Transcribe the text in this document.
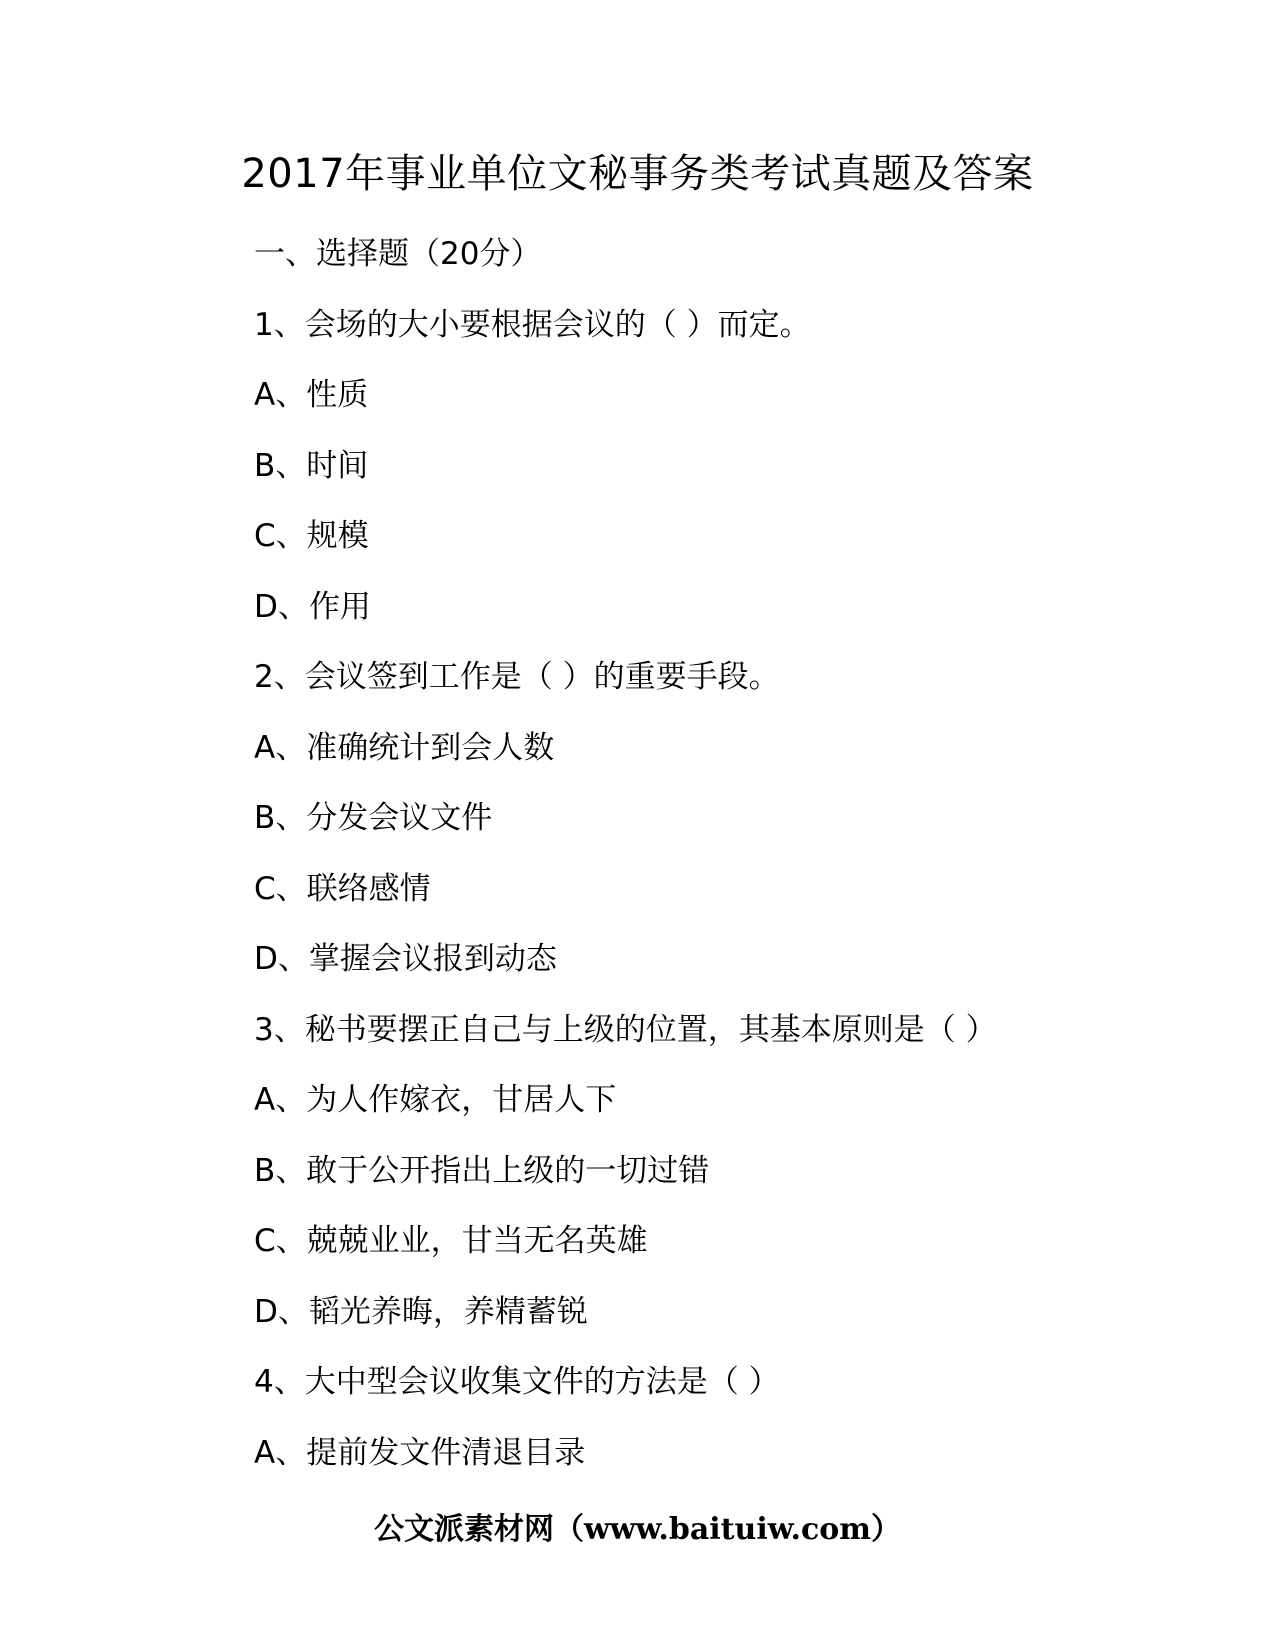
2017年事业单位文秘事务类考试真题及答案
一、选择题（20分）
1、会场的大小要根据会议的（ ）而定。
A、性质
B、时间
C、规模
D、作用
2、会议签到工作是（ ）的重要手段。
A、准确统计到会人数
B、分发会议文件
C、联络感情
D、掌握会议报到动态
3、秘书要摆正自己与上级的位置，其基本原则是（ ）
A、为人作嫁衣，甘居人下
B、敢于公开指出上级的一切过错
C、兢兢业业，甘当无名英雄
D、韬光养晦，养精蓄锐
4、大中型会议收集文件的方法是（ ）
A、提前发文件清退目录
公文派素材网（www.baituiw.com）
